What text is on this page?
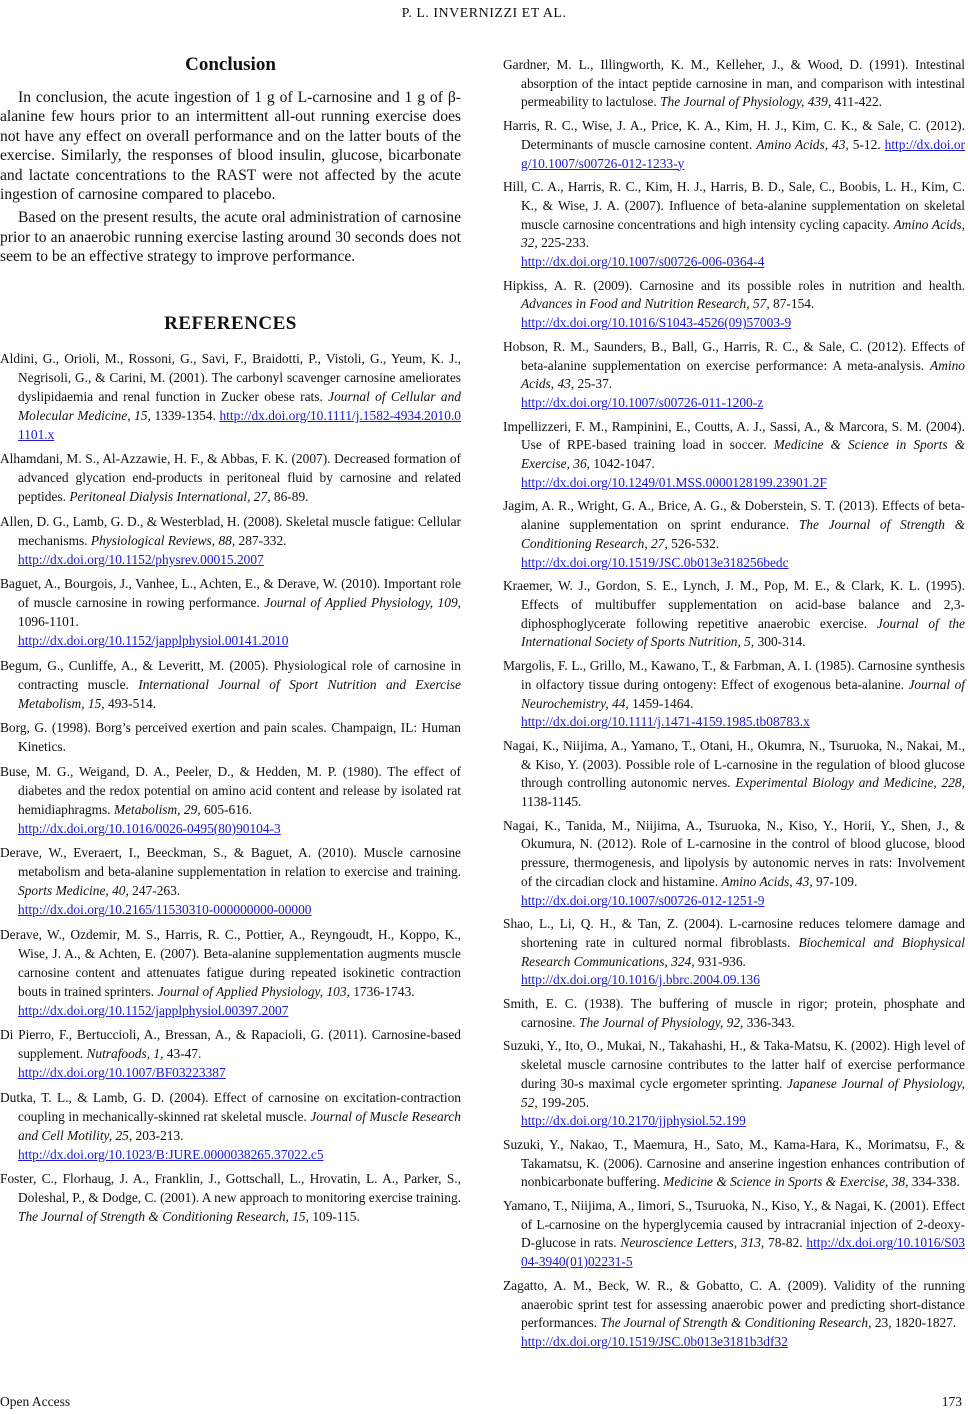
P. L. INVERNIZZI ET AL.
Conclusion

In conclusion, the acute ingestion of 1 g of L-carnosine and 1 g of β-alanine few hours prior to an intermittent all-out running exercise does not have any effect on overall performance and on the latter bouts of the exercise. Similarly, the responses of blood insulin, glucose, bicarbonate and lactate concentrations to the RAST were not affected by the acute ingestion of carnosine compared to placebo.

Based on the present results, the acute oral administration of carnosine prior to an anaerobic running exercise lasting around 30 seconds does not seem to be an effective strategy to improve performance.

REFERENCES

Aldini, G., Orioli, M., Rossoni, G., Savi, F., Braidotti, P., Vistoli, G., Yeum, K. J., Negrisoli, G., & Carini, M. (2001). The carbonyl scavenger carnosine ameliorates dyslipidaemia and renal function in Zucker obese rats. Journal of Cellular and Molecular Medicine, 15, 1339-1354. http://dx.doi.org/10.1111/j.1582-4934.2010.01101.x

Alhamdani, M. S., Al-Azzawie, H. F., & Abbas, F. K. (2007). Decreased formation of advanced glycation end-products in peritoneal fluid by carnosine and related peptides. Peritoneal Dialysis International, 27, 86-89.

Allen, D. G., Lamb, G. D., & Westerblad, H. (2008). Skeletal muscle fatigue: Cellular mechanisms. Physiological Reviews, 88, 287-332.
http://dx.doi.org/10.1152/physrev.00015.2007

Baguet, A., Bourgois, J., Vanhee, L., Achten, E., & Derave, W. (2010). Important role of muscle carnosine in rowing performance. Journal of Applied Physiology, 109, 1096-1101.
http://dx.doi.org/10.1152/japplphysiol.00141.2010

Begum, G., Cunliffe, A., & Leveritt, M. (2005). Physiological role of carnosine in contracting muscle. International Journal of Sport Nutrition and Exercise Metabolism, 15, 493-514.

Borg, G. (1998). Borg’s perceived exertion and pain scales. Champaign, IL: Human Kinetics.

Buse, M. G., Weigand, D. A., Peeler, D., & Hedden, M. P. (1980). The effect of diabetes and the redox potential on amino acid content and release by isolated rat hemidiaphragms. Metabolism, 29, 605-616.
http://dx.doi.org/10.1016/0026-0495(80)90104-3

Derave, W., Everaert, I., Beeckman, S., & Baguet, A. (2010). Muscle carnosine metabolism and beta-alanine supplementation in relation to exercise and training. Sports Medicine, 40, 247-263.
http://dx.doi.org/10.2165/11530310-000000000-00000

Derave, W., Ozdemir, M. S., Harris, R. C., Pottier, A., Reyngoudt, H., Koppo, K., Wise, J. A., & Achten, E. (2007). Beta-alanine supplementation augments muscle carnosine content and attenuates fatigue during repeated isokinetic contraction bouts in trained sprinters. Journal of Applied Physiology, 103, 1736-1743.
http://dx.doi.org/10.1152/japplphysiol.00397.2007

Di Pierro, F., Bertuccioli, A., Bressan, A., & Rapacioli, G. (2011). Carnosine-based supplement. Nutrafoods, 1, 43-47.
http://dx.doi.org/10.1007/BF03223387

Dutka, T. L., & Lamb, G. D. (2004). Effect of carnosine on excitation-contraction coupling in mechanically-skinned rat skeletal muscle. Journal of Muscle Research and Cell Motility, 25, 203-213.
http://dx.doi.org/10.1023/B:JURE.0000038265.37022.c5

Foster, C., Florhaug, J. A., Franklin, J., Gottschall, L., Hrovatin, L. A., Parker, S., Doleshal, P., & Dodge, C. (2001). A new approach to monitoring exercise training. The Journal of Strength & Conditioning Research, 15, 109-115.

Gardner, M. L., Illingworth, K. M., Kelleher, J., & Wood, D. (1991). Intestinal absorption of the intact peptide carnosine in man, and comparison with intestinal permeability to lactulose. The Journal of Physiology, 439, 411-422.

Harris, R. C., Wise, J. A., Price, K. A., Kim, H. J., Kim, C. K., & Sale, C. (2012). Determinants of muscle carnosine content. Amino Acids, 43, 5-12. http://dx.doi.org/10.1007/s00726-012-1233-y

Hill, C. A., Harris, R. C., Kim, H. J., Harris, B. D., Sale, C., Boobis, L. H., Kim, C. K., & Wise, J. A. (2007). Influence of beta-alanine supplementation on skeletal muscle carnosine concentrations and high intensity cycling capacity. Amino Acids, 32, 225-233.
http://dx.doi.org/10.1007/s00726-006-0364-4

Hipkiss, A. R. (2009). Carnosine and its possible roles in nutrition and health. Advances in Food and Nutrition Research, 57, 87-154.
http://dx.doi.org/10.1016/S1043-4526(09)57003-9

Hobson, R. M., Saunders, B., Ball, G., Harris, R. C., & Sale, C. (2012). Effects of beta-alanine supplementation on exercise performance: A meta-analysis. Amino Acids, 43, 25-37.
http://dx.doi.org/10.1007/s00726-011-1200-z

Impellizzeri, F. M., Rampinini, E., Coutts, A. J., Sassi, A., & Marcora, S. M. (2004). Use of RPE-based training load in soccer. Medicine & Science in Sports & Exercise, 36, 1042-1047.
http://dx.doi.org/10.1249/01.MSS.0000128199.23901.2F

Jagim, A. R., Wright, G. A., Brice, A. G., & Doberstein, S. T. (2013). Effects of beta-alanine supplementation on sprint endurance. The Journal of Strength & Conditioning Research, 27, 526-532.
http://dx.doi.org/10.1519/JSC.0b013e318256bedc

Kraemer, W. J., Gordon, S. E., Lynch, J. M., Pop, M. E., & Clark, K. L. (1995). Effects of multibuffer supplementation on acid-base balance and 2,3-diphosphoglycerate following repetitive anaerobic exercise. Journal of the International Society of Sports Nutrition, 5, 300-314.

Margolis, F. L., Grillo, M., Kawano, T., & Farbman, A. I. (1985). Carnosine synthesis in olfactory tissue during ontogeny: Effect of exogenous beta-alanine. Journal of Neurochemistry, 44, 1459-1464.
http://dx.doi.org/10.1111/j.1471-4159.1985.tb08783.x

Nagai, K., Niijima, A., Yamano, T., Otani, H., Okumra, N., Tsuruoka, N., Nakai, M., & Kiso, Y. (2003). Possible role of L-carnosine in the regulation of blood glucose through controlling autonomic nerves. Experimental Biology and Medicine, 228, 1138-1145.

Nagai, K., Tanida, M., Niijima, A., Tsuruoka, N., Kiso, Y., Horii, Y., Shen, J., & Okumura, N. (2012). Role of L-carnosine in the control of blood glucose, blood pressure, thermogenesis, and lipolysis by autonomic nerves in rats: Involvement of the circadian clock and histamine. Amino Acids, 43, 97-109.
http://dx.doi.org/10.1007/s00726-012-1251-9

Shao, L., Li, Q. H., & Tan, Z. (2004). L-carnosine reduces telomere damage and shortening rate in cultured normal fibroblasts. Biochemical and Biophysical Research Communications, 324, 931-936.
http://dx.doi.org/10.1016/j.bbrc.2004.09.136

Smith, E. C. (1938). The buffering of muscle in rigor; protein, phosphate and carnosine. The Journal of Physiology, 92, 336-343.

Suzuki, Y., Ito, O., Mukai, N., Takahashi, H., & Taka-Matsu, K. (2002). High level of skeletal muscle carnosine contributes to the latter half of exercise performance during 30-s maximal cycle ergometer sprinting. Japanese Journal of Physiology, 52, 199-205.
http://dx.doi.org/10.2170/jjphysiol.52.199

Suzuki, Y., Nakao, T., Maemura, H., Sato, M., Kama-Hara, K., Morimatsu, F., & Takamatsu, K. (2006). Carnosine and anserine ingestion enhances contribution of nonbicarbonate buffering. Medicine & Science in Sports & Exercise, 38, 334-338.

Yamano, T., Niijima, A., Iimori, S., Tsuruoka, N., Kiso, Y., & Nagai, K. (2001). Effect of L-carnosine on the hyperglycemia caused by intracranial injection of 2-deoxy-D-glucose in rats. Neuroscience Letters, 313, 78-82. http://dx.doi.org/10.1016/S0304-3940(01)02231-5

Zagatto, A. M., Beck, W. R., & Gobatto, C. A. (2009). Validity of the running anaerobic sprint test for assessing anaerobic power and predicting short-distance performances. The Journal of Strength & Conditioning Research, 23, 1820-1827.
http://dx.doi.org/10.1519/JSC.0b013e3181b3df32

Open Access	173
